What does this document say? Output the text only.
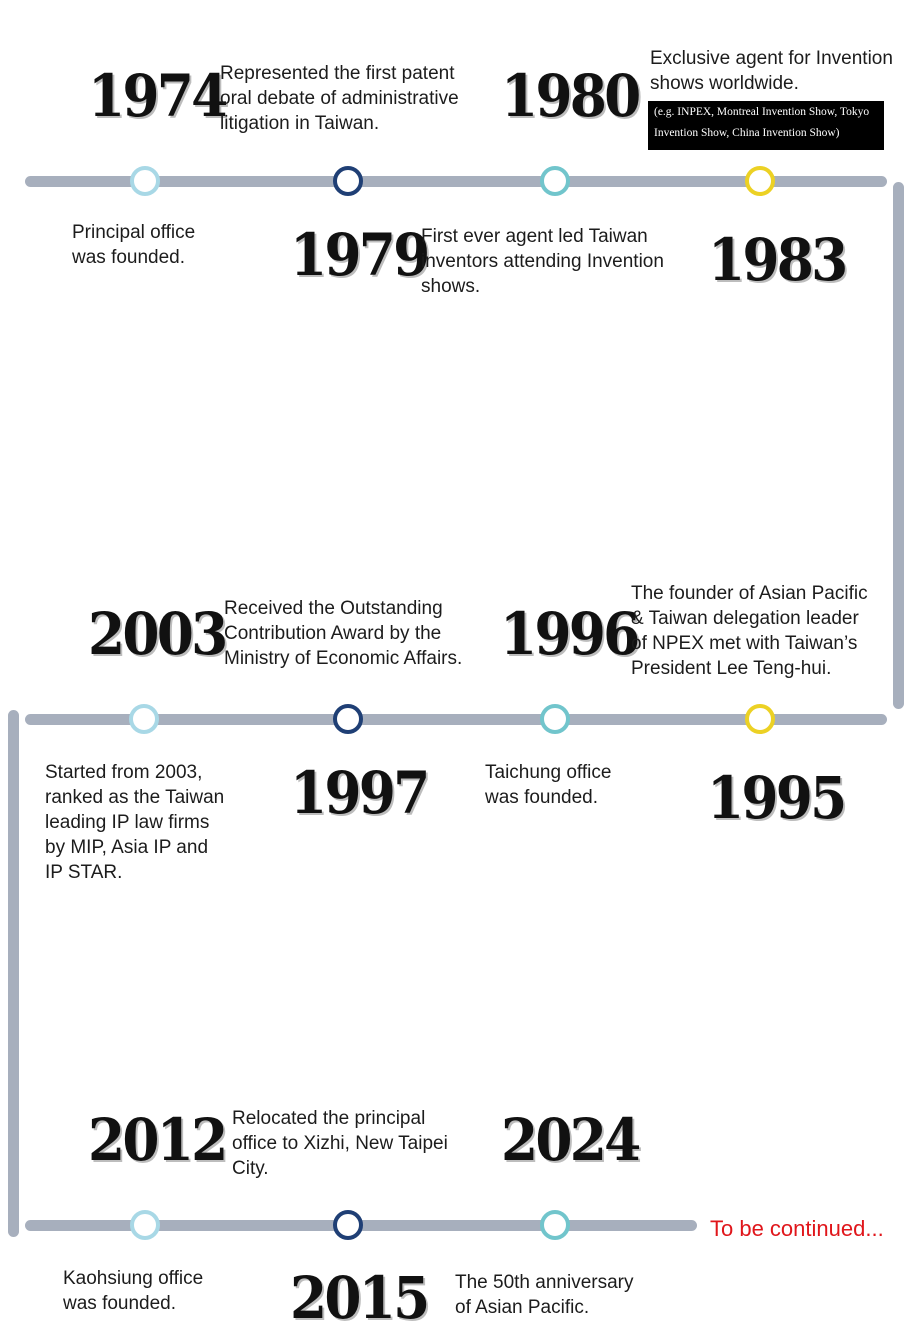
1974
Represented the first patent
oral debate of administrative
litigation in Taiwan.	1980
Exclusive agent for Invention
shows worldwide.
(e.g. INPEX, Montreal Invention Show, Tokyo
Invention Show, China Invention Show)
Principal office
was founded.	1979
First ever agent led Taiwan
inventors attending Invention
shows.	1983
2003
Received the Outstanding
Contribution Award by the
Ministry of Economic Affairs. 1996
The founder of Asian Pacific
& Taiwan delegation leader
of NPEX met with Taiwan’s
President Lee Teng-hui.
Started from 2003,
ranked as the Taiwan
leading IP law firms
by MIP, Asia IP and
IP STAR.
1997	Taichung office
was founded.	1995
2012 Relocated the principal
office to Xizhi, New Taipei
City.	2024
Kaohsiung office
was founded.	2015 The 50th anniversary
of Asian Pacific.
To be continued...
